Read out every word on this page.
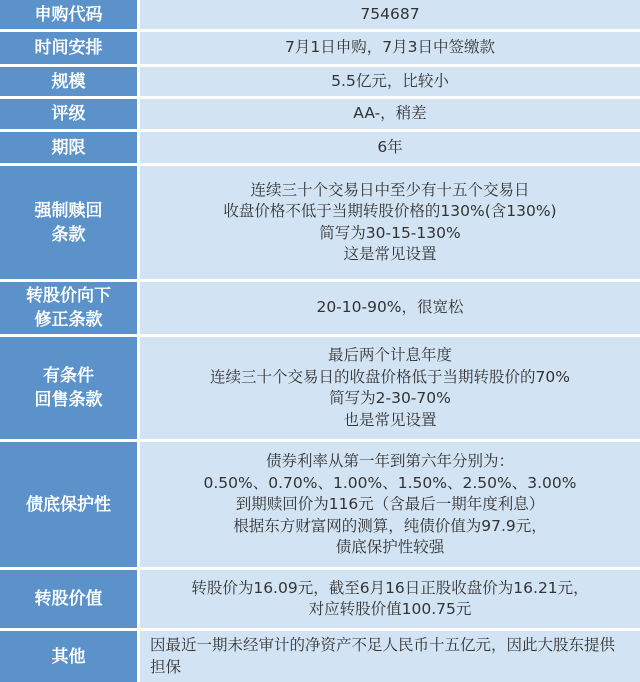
申购代码	754687

时间安排	7月1日申购，7月3日中签缴款

规模	5.5亿元，比较小

评级	AA-，稍差

期限	6年

强制赎回
条款	连续三十个交易日中至少有十五个交易日
收盘价格不低于当期转股价格的130%(含130%)
简写为30-15-130%
这是常见设置

转股价向下
修正条款	20-10-90%，很宽松

有条件
回售条款	最后两个计息年度
连续三十个交易日的收盘价格低于当期转股价的70%
简写为2-30-70%
也是常见设置

债底保护性	债券利率从第一年到第六年分别为：
0.50%、0.70%、1.00%、1.50%、2.50%、3.00%
到期赎回价为116元（含最后一期年度利息）
根据东方财富网的测算，纯债价值为97.9元，
债底保护性较强

转股价值	转股价为16.09元，截至6月16日正股收盘价为16.21元，
对应转股价值100.75元

其他	因最近一期未经审计的净资产不足人民币十五亿元，因此大股东提供担保
